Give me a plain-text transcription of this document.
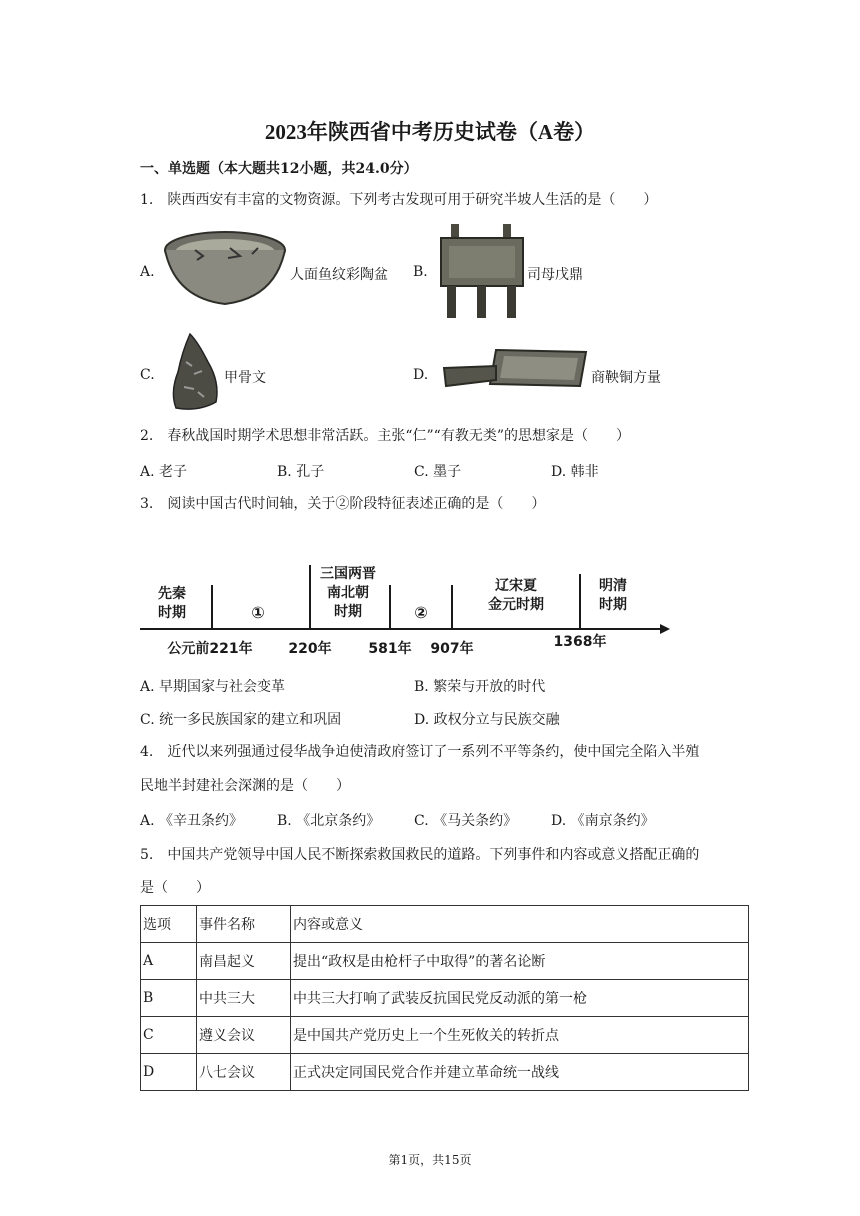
2023年陕西省中考历史试卷（A卷）
一、单选题（本大题共12小题，共24.0分）
1.　陕西西安有丰富的文物资源。下列考古发现可用于研究半坡人生活的是（　　）
A.	人面鱼纹彩陶盆 B.	司母戊鼎
C.	甲骨文	D.	商鞅铜方量
2.　春秋战国时期学术思想非常活跃。主张“仁”“有教无类”的思想家是（　　）
A. 老子	B. 孔子	C. 墨子	D. 韩非
3.　阅读中国古代时间轴，关于②阶段特征表述正确的是（　　）
先秦时期	①
三国两晋南北朝时期	②
辽宋夏金元时期
明清时期
公元前221年	220年	581年 907年	1368年
A. 早期国家与社会变革	B. 繁荣与开放的时代
C. 统一多民族国家的建立和巩固	D. 政权分立与民族交融
4.　近代以来列强通过侵华战争迫使清政府签订了一系列不平等条约，使中国完全陷入半殖
民地半封建社会深渊的是（　　）
A. 《辛丑条约》 B. 《北京条约》 C. 《马关条约》 D. 《南京条约》
5.　中国共产党领导中国人民不断探索救国救民的道路。下列事件和内容或意义搭配正确的
是（　　）
选项	事件名称	内容或意义
A	南昌起义	提出“政权是由枪杆子中取得”的著名论断
B	中共三大	中共三大打响了武装反抗国民党反动派的第一枪
C	遵义会议	是中国共产党历史上一个生死攸关的转折点
D	八七会议	正式决定同国民党合作并建立革命统一战线
第1页，共15页
